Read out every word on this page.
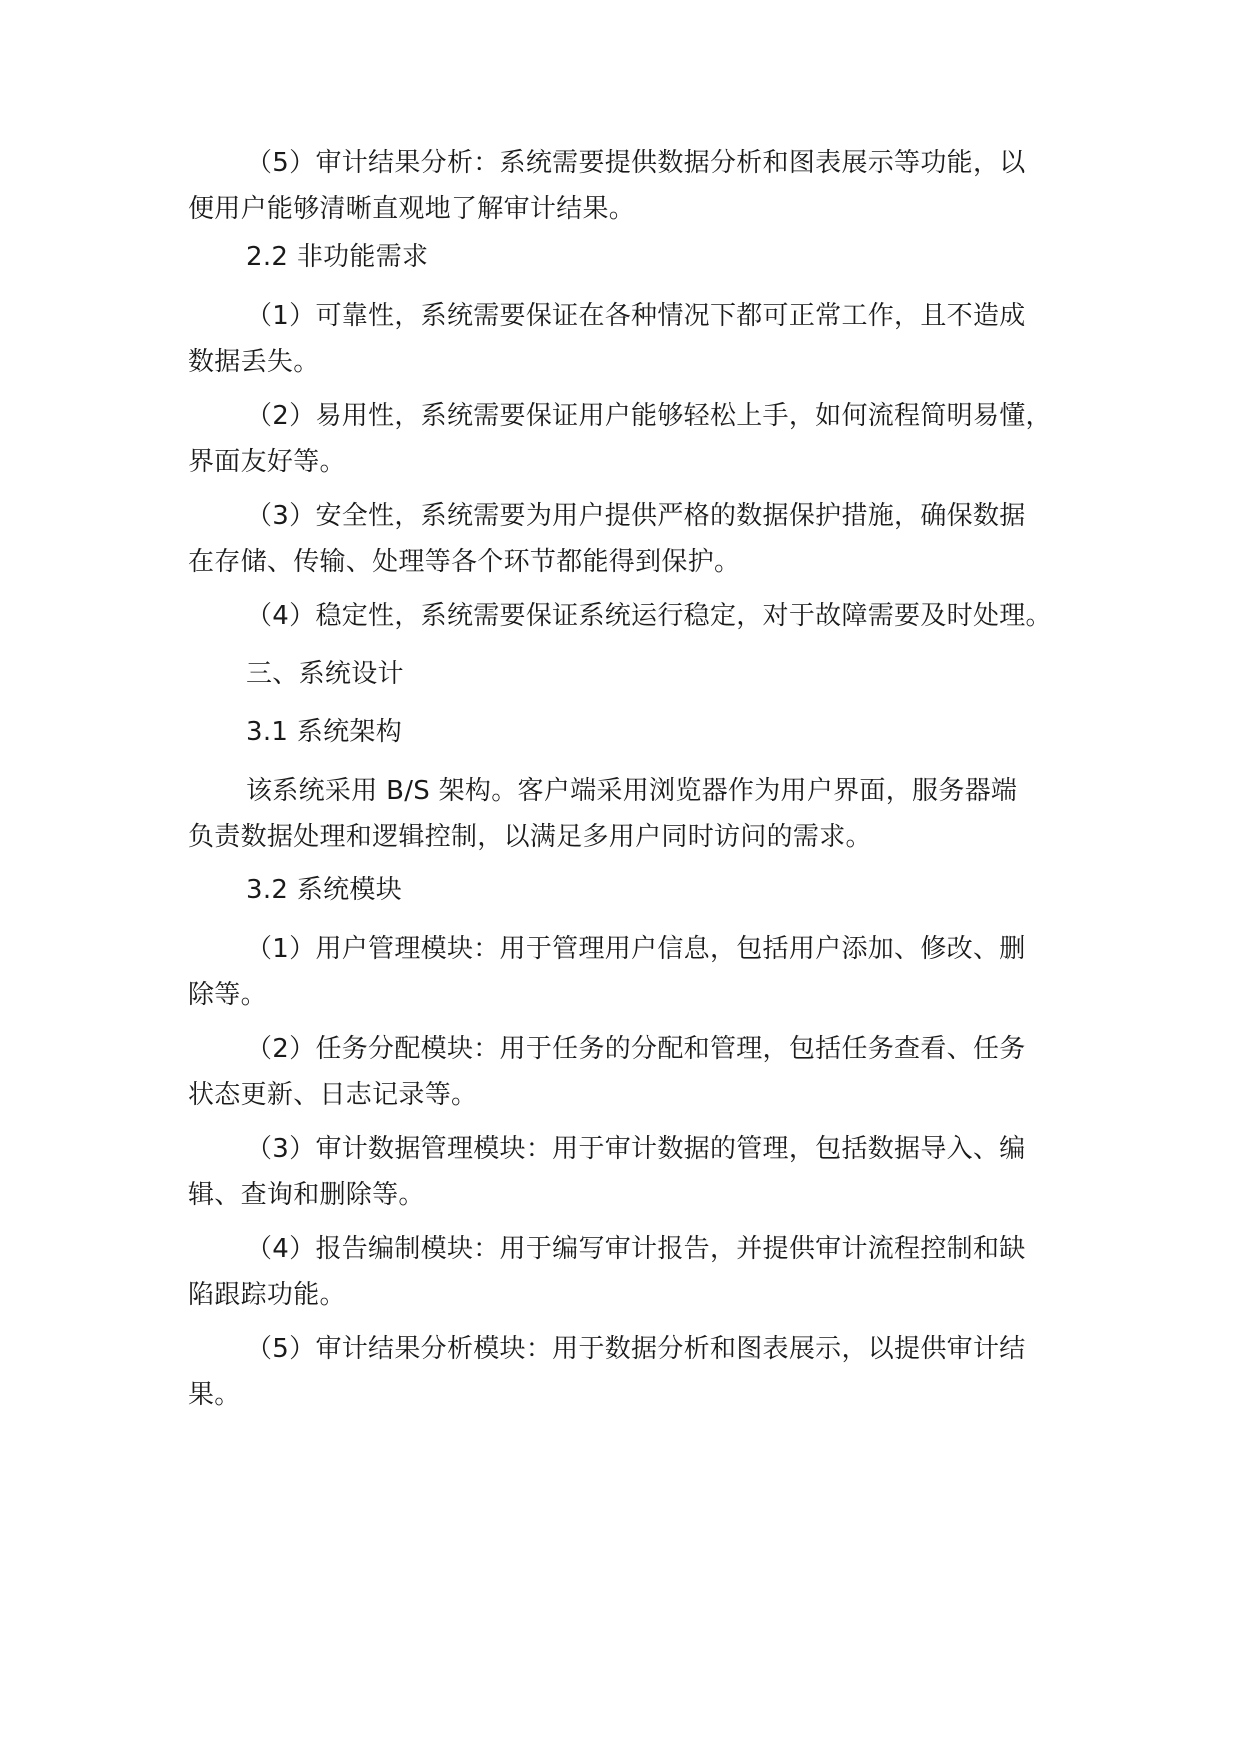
（5）审计结果分析：系统需要提供数据分析和图表展示等功能，以
便用户能够清晰直观地了解审计结果。

2.2 非功能需求

（1）可靠性，系统需要保证在各种情况下都可正常工作，且不造成
数据丢失。

（2）易用性，系统需要保证用户能够轻松上手，如何流程简明易懂，
界面友好等。

（3）安全性，系统需要为用户提供严格的数据保护措施，确保数据
在存储、传输、处理等各个环节都能得到保护。

（4）稳定性，系统需要保证系统运行稳定，对于故障需要及时处理。

三、系统设计

3.1 系统架构

该系统采用 B/S 架构。客户端采用浏览器作为用户界面，服务器端
负责数据处理和逻辑控制，以满足多用户同时访问的需求。

3.2 系统模块

（1）用户管理模块：用于管理用户信息，包括用户添加、修改、删
除等。

（2）任务分配模块：用于任务的分配和管理，包括任务查看、任务
状态更新、日志记录等。

（3）审计数据管理模块：用于审计数据的管理，包括数据导入、编
辑、查询和删除等。

（4）报告编制模块：用于编写审计报告，并提供审计流程控制和缺
陷跟踪功能。

（5）审计结果分析模块：用于数据分析和图表展示，以提供审计结
果。
